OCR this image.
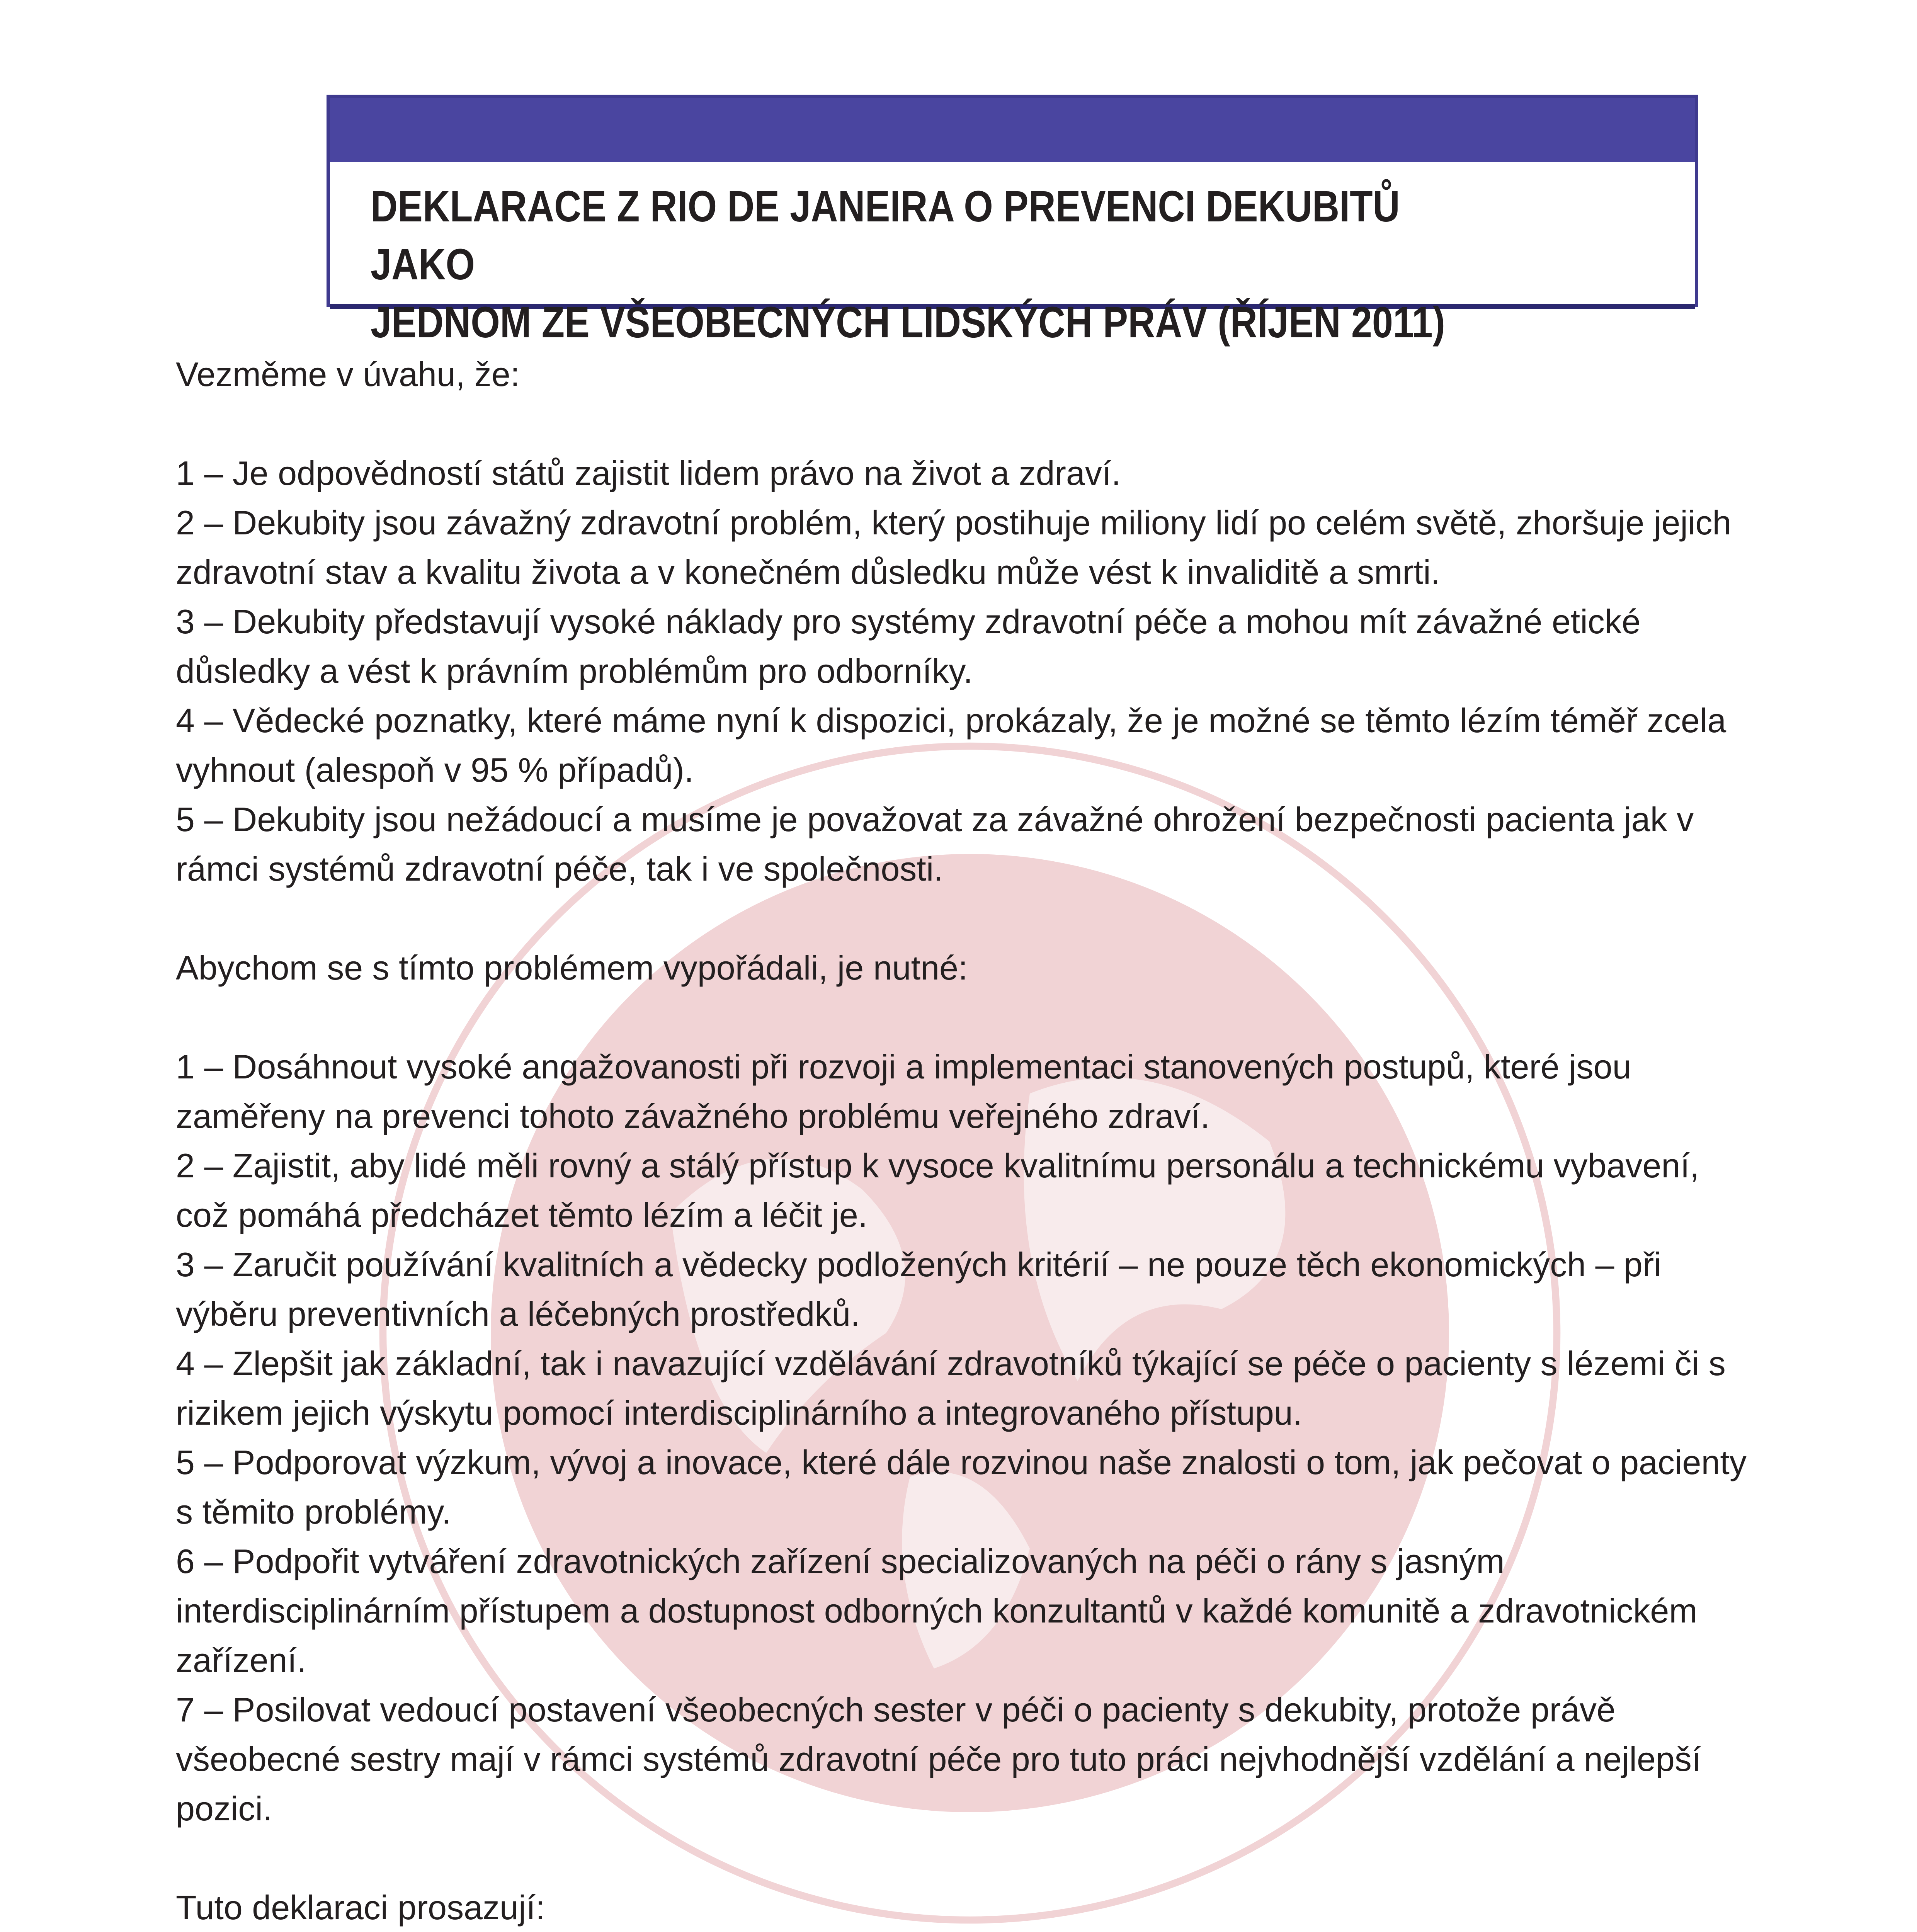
DEKLARACE Z RIO DE JANEIRA O PREVENCI DEKUBITŮ JAKO
JEDNOM ZE VŠEOBECNÝCH LIDSKÝCH PRÁV (ŘÍJEN 2011)

Vezměme v úvahu, že:

1 – Je odpovědností států zajistit lidem právo na život a zdraví.

2 – Dekubity jsou závažný zdravotní problém, který postihuje miliony lidí po celém světě, zhoršuje jejich zdravotní stav a kvalitu života a v konečném důsledku může vést k invaliditě a smrti.

3 – Dekubity představují vysoké náklady pro systémy zdravotní péče a mohou mít závažné etické důsledky a vést k právním problémům pro odborníky.

4 – Vědecké poznatky, které máme nyní k dispozici, prokázaly, že je možné se těmto lézím téměř zcela vyhnout (alespoň v 95 % případů).

5 – Dekubity jsou nežádoucí a musíme je považovat za závažné ohrožení bezpečnosti pacienta jak v rámci systémů zdravotní péče, tak i ve společnosti.

Abychom se s tímto problémem vypořádali, je nutné:

1 – Dosáhnout vysoké angažovanosti při rozvoji a implementaci stanovených postupů, které jsou zaměřeny na prevenci tohoto závažného problému veřejného zdraví.

2 – Zajistit, aby lidé měli rovný a stálý přístup k vysoce kvalitnímu personálu a technickému vybavení, což pomáhá předcházet těmto lézím a léčit je.

3 – Zaručit používání kvalitních a vědecky podložených kritérií – ne pouze těch ekonomických – při výběru preventivních a léčebných prostředků.

4 – Zlepšit jak základní, tak i navazující vzdělávání zdravotníků týkající se péče o pacienty s lézemi či s rizikem jejich výskytu pomocí interdisciplinárního a integrovaného přístupu.

5 – Podporovat výzkum, vývoj a inovace, které dále rozvinou naše znalosti o tom, jak pečovat o pacienty s těmito problémy.

6 – Podpořit vytváření zdravotnických zařízení specializovaných na péči o rány s jasným interdisciplinárním přístupem a dostupnost odborných konzultantů v každé komunitě a zdravotnickém zařízení.

7 – Posilovat vedoucí postavení všeobecných sester v péči o pacienty s dekubity, protože právě všeobecné sestry mají v rámci systémů zdravotní péče pro tuto práci nejvhodnější vzdělání a nejlepší pozici.

Tuto deklaraci prosazují:
